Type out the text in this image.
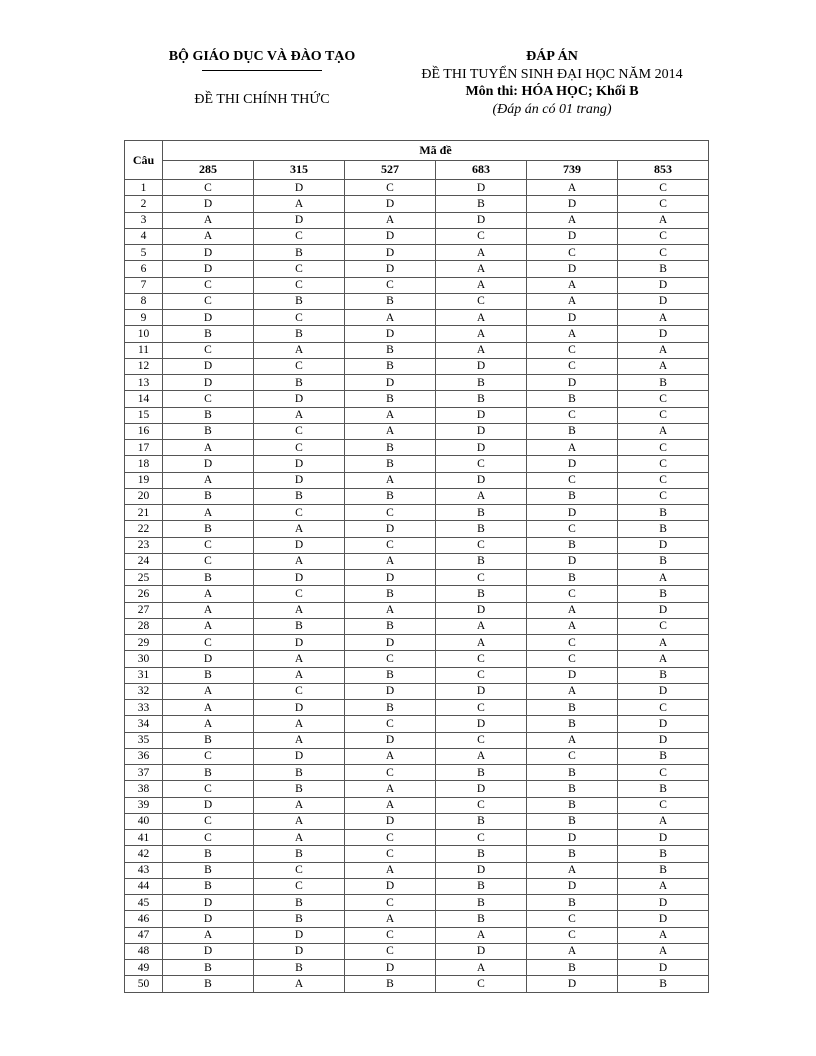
BỘ GIÁO DỤC VÀ ĐÀO TẠO
ĐỀ THI CHÍNH THỨC
ĐÁP ÁN
ĐỀ THI TUYỂN SINH ĐẠI HỌC NĂM 2014
Môn thi: HÓA HỌC; Khối B
(Đáp án có 01 trang)
Câu	Mã đề					
	285	315	527	683	739	853
1	C	D	C	D	A	C
2	D	A	D	B	D	C
3	A	D	A	D	A	A
4	A	C	D	C	D	C
5	D	B	D	A	C	C
6	D	C	D	A	D	B
7	C	C	C	A	A	D
8	C	B	B	C	A	D
9	D	C	A	A	D	A
10	B	B	D	A	A	D
11	C	A	B	A	C	A
12	D	C	B	D	C	A
13	D	B	D	B	D	B
14	C	D	B	B	B	C
15	B	A	A	D	C	C
16	B	C	A	D	B	A
17	A	C	B	D	A	C
18	D	D	B	C	D	C
19	A	D	A	D	C	C
20	B	B	B	A	B	C
21	A	C	C	B	D	B
22	B	A	D	B	C	B
23	C	D	C	C	B	D
24	C	A	A	B	D	B
25	B	D	D	C	B	A
26	A	C	B	B	C	B
27	A	A	A	D	A	D
28	A	B	B	A	A	C
29	C	D	D	A	C	A
30	D	A	C	C	C	A
31	B	A	B	C	D	B
32	A	C	D	D	A	D
33	A	D	B	C	B	C
34	A	A	C	D	B	D
35	B	A	D	C	A	D
36	C	D	A	A	C	B
37	B	B	C	B	B	C
38	C	B	A	D	B	B
39	D	A	A	C	B	C
40	C	A	D	B	B	A
41	C	A	C	C	D	D
42	B	B	C	B	B	B
43	B	C	A	D	A	B
44	B	C	D	B	D	A
45	D	B	C	B	B	D
46	D	B	A	B	C	D
47	A	D	C	A	C	A
48	D	D	C	D	A	A
49	B	B	D	A	B	D
50	B	A	B	C	D	B
